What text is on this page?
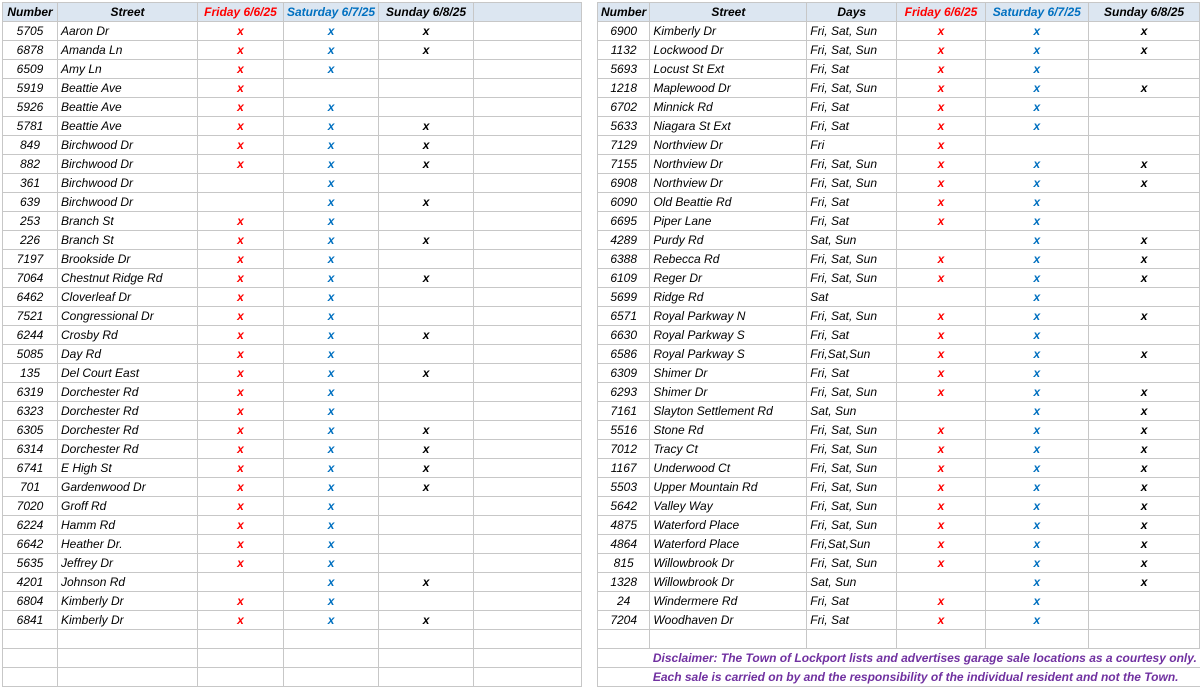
Number	Street	Friday 6/6/25	Saturday 6/7/25	Sunday 6/8/25	
5705	Aaron Dr	x	x	x	
6878	Amanda Ln	x	x	x	
6509	Amy Ln	x	x		
5919	Beattie Ave	x			
5926	Beattie Ave	x	x		
5781	Beattie Ave	x	x	x	
849	Birchwood Dr	x	x	x	
882	Birchwood Dr	x	x	x	
361	Birchwood Dr		x		
639	Birchwood Dr		x	x	
253	Branch St	x	x		
226	Branch St	x	x	x	
7197	Brookside Dr	x	x		
7064	Chestnut Ridge Rd	x	x	x	
6462	Cloverleaf Dr	x	x		
7521	Congressional Dr	x	x		
6244	Crosby Rd	x	x	x	
5085	Day Rd	x	x		
135	Del Court East	x	x	x	
6319	Dorchester Rd	x	x		
6323	Dorchester Rd	x	x		
6305	Dorchester Rd	x	x	x	
6314	Dorchester Rd	x	x	x	
6741	E High St	x	x	x	
701	Gardenwood Dr	x	x	x	
7020	Groff Rd	x	x		
6224	Hamm Rd	x	x		
6642	Heather Dr.	x	x		
5635	Jeffrey Dr	x	x		
4201	Johnson Rd		x	x	
6804	Kimberly Dr	x	x		
6841	Kimberly Dr	x	x	x	

Number	Street	Days	Friday 6/6/25	Saturday 6/7/25	Sunday 6/8/25
6900	Kimberly Dr	Fri, Sat, Sun	x	x	x
1132	Lockwood Dr	Fri, Sat, Sun	x	x	x
5693	Locust St Ext	Fri, Sat	x	x	
1218	Maplewood Dr	Fri, Sat, Sun	x	x	x
6702	Minnick Rd	Fri, Sat	x	x	
5633	Niagara St Ext	Fri, Sat	x	x	
7129	Northview Dr	Fri	x		
7155	Northview Dr	Fri, Sat, Sun	x	x	x
6908	Northview Dr	Fri, Sat, Sun	x	x	x
6090	Old Beattie Rd	Fri, Sat	x	x	
6695	Piper Lane	Fri, Sat	x	x	
4289	Purdy Rd	Sat, Sun		x	x
6388	Rebecca Rd	Fri, Sat, Sun	x	x	x
6109	Reger Dr	Fri, Sat, Sun	x	x	x
5699	Ridge Rd	Sat		x	
6571	Royal Parkway N	Fri, Sat, Sun	x	x	x
6630	Royal Parkway S	Fri, Sat	x	x	
6586	Royal Parkway S	Fri,Sat,Sun	x	x	x
6309	Shimer Dr	Fri, Sat	x	x	
6293	Shimer Dr	Fri, Sat, Sun	x	x	x
7161	Slayton Settlement Rd	Sat, Sun		x	x
5516	Stone Rd	Fri, Sat, Sun	x	x	x
7012	Tracy Ct	Fri, Sat, Sun	x	x	x
1167	Underwood Ct	Fri, Sat, Sun	x	x	x
5503	Upper Mountain Rd	Fri, Sat, Sun	x	x	x
5642	Valley Way	Fri, Sat, Sun	x	x	x
4875	Waterford Place	Fri, Sat, Sun	x	x	x
4864	Waterford Place	Fri,Sat,Sun	x	x	x
815	Willowbrook Dr	Fri, Sat, Sun	x	x	x
1328	Willowbrook Dr	Sat, Sun		x	x
24	Windermere Rd	Fri, Sat	x	x	
7204	Woodhaven Dr	Fri, Sat	x	x	

	Disclaimer: The Town of Lockport lists and advertises garage sale locations as a courtesy only.				
	Each sale is carried on by and the responsibility of the individual resident and not the Town.				
